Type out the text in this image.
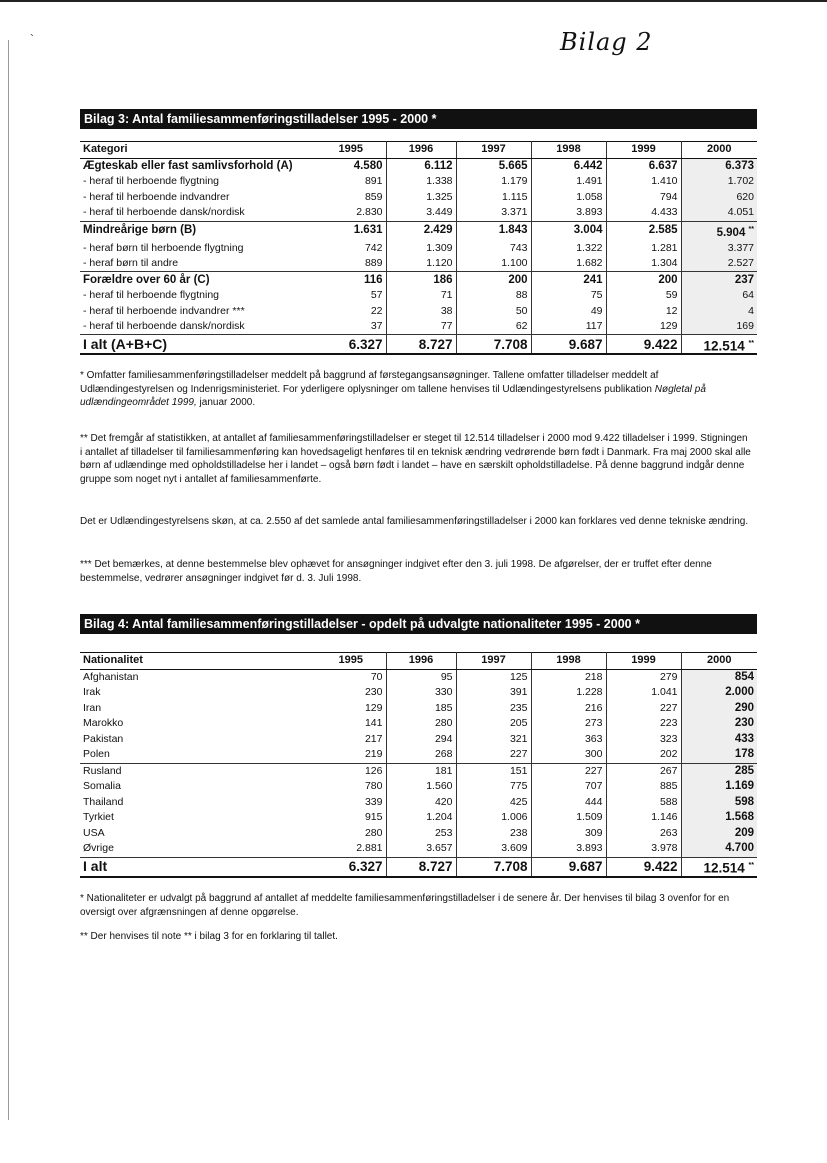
`	Bilag 2
Bilag 3: Antal familiesammenføringstilladelser 1995 - 2000 *
Kategori	1995	1996	1997	1998	1999	2000
Ægteskab eller fast samlivsforhold (A)	4.580	6.112	5.665	6.442	6.637	6.373
- heraf til herboende flygtning	891	1.338	1.179	1.491	1.410	1.702
- heraf til herboende indvandrer	859	1.325	1.115	1.058	794	620
- heraf til herboende dansk/nordisk	2.830	3.449	3.371	3.893	4.433	4.051
Mindreårige børn (B)	1.631	2.429	1.843	3.004	2.585	5.904 **
- heraf børn til herboende flygtning	742	1.309	743	1.322	1.281	3.377
- heraf børn til andre	889	1.120	1.100	1.682	1.304	2.527
Forældre over 60 år (C)	116	186	200	241	200	237
- heraf til herboende flygtning	57	71	88	75	59	64
- heraf til herboende indvandrer ***	22	38	50	49	12	4
- heraf til herboende dansk/nordisk	37	77	62	117	129	169
I alt (A+B+C)	6.327	8.727	7.708	9.687	9.422	12.514 **
* Omfatter familiesammenføringstilladelser meddelt på baggrund af førstegangsansøgninger. Tallene omfatter tilladelser meddelt af Udlændingestyrelsen og Indenrigsministeriet. For yderligere oplysninger om tallene henvises til Udlændingestyrelsens publikation Nøgletal på udlændingeområdet 1999, januar 2000.
** Det fremgår af statistikken, at antallet af familiesammenføringstilladelser er steget til 12.514 tilladelser i 2000 mod 9.422 tilladelser i 1999. Stigningen i antallet af tilladelser til familiesammenføring kan hovedsageligt henføres til en teknisk ændring vedrørende børn født i Danmark. Fra maj 2000 skal alle børn af udlændinge med opholdstilladelse her i landet – også børn født i landet – have en særskilt opholdstilladelse. På denne baggrund indgår denne gruppe som noget nyt i antallet af familiesammenførte.
Det er Udlændingestyrelsens skøn, at ca. 2.550 af det samlede antal familiesammenføringstilladelser i 2000 kan forklares ved denne tekniske ændring.
*** Det bemærkes, at denne bestemmelse blev ophævet for ansøgninger indgivet efter den 3. juli 1998. De afgørelser, der er truffet efter denne bestemmelse, vedrører ansøgninger indgivet før d. 3. Juli 1998.
Bilag 4: Antal familiesammenføringstilladelser - opdelt på udvalgte nationaliteter 1995 - 2000 *
Nationalitet	1995	1996	1997	1998	1999	2000
Afghanistan	70	95	125	218	279	854
Irak	230	330	391	1.228	1.041	2.000
Iran	129	185	235	216	227	290
Marokko	141	280	205	273	223	230
Pakistan	217	294	321	363	323	433
Polen	219	268	227	300	202	178
Rusland	126	181	151	227	267	285
Somalia	780	1.560	775	707	885	1.169
Thailand	339	420	425	444	588	598
Tyrkiet	915	1.204	1.006	1.509	1.146	1.568
USA	280	253	238	309	263	209
Øvrige	2.881	3.657	3.609	3.893	3.978	4.700
I alt	6.327	8.727	7.708	9.687	9.422	12.514 **
* Nationaliteter er udvalgt på baggrund af antallet af meddelte familiesammenføringstilladelser i de senere år. Der henvises til bilag 3 ovenfor for en oversigt over afgrænsningen af denne opgørelse.
** Der henvises til note ** i bilag 3 for en forklaring til tallet.
